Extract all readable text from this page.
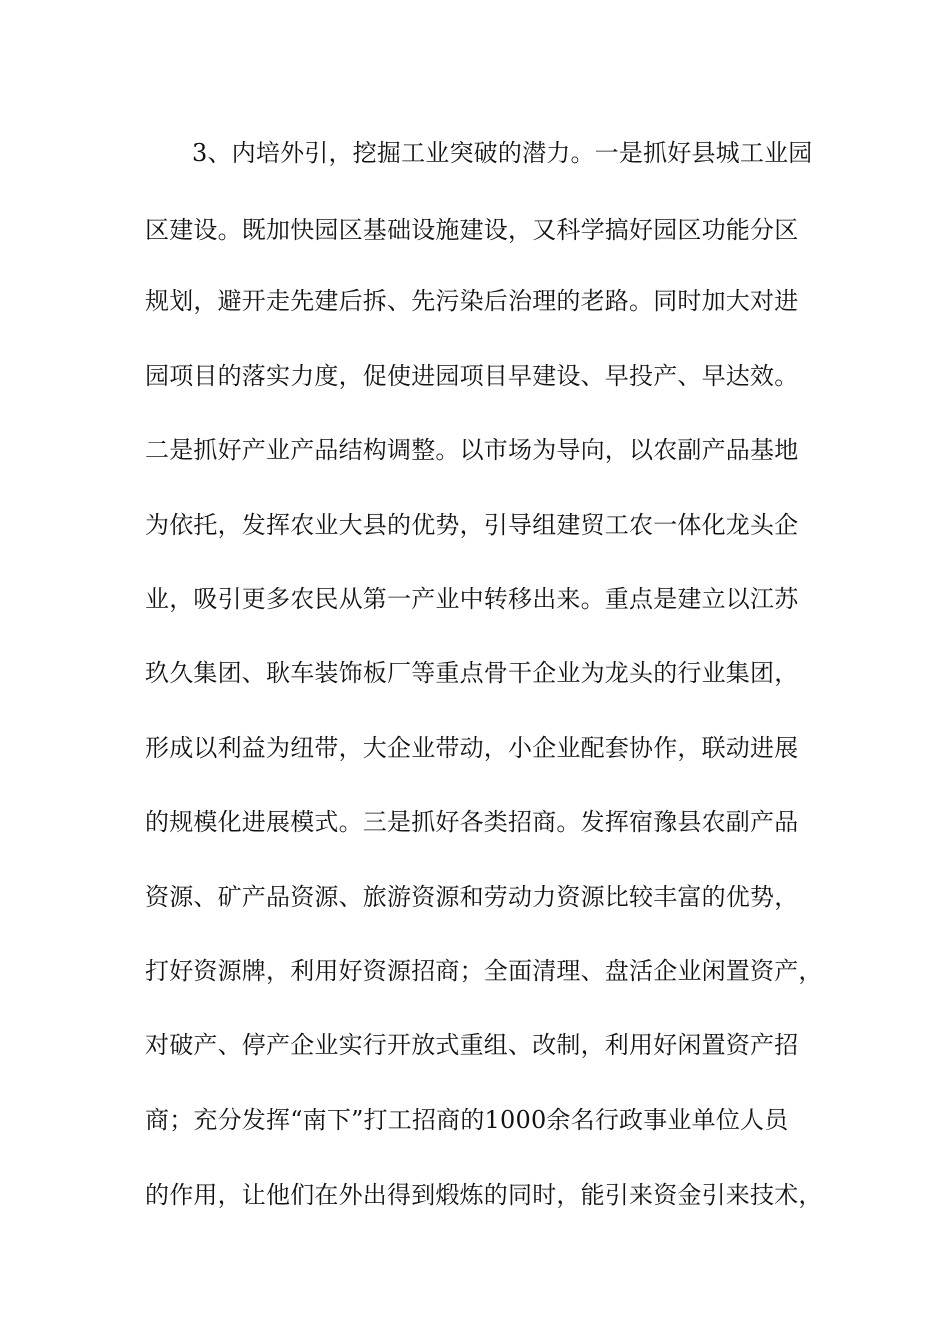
3、内培外引，挖掘工业突破的潜力。一是抓好县城工业园
区建设。既加快园区基础设施建设，又科学搞好园区功能分区
规划，避开走先建后拆、先污染后治理的老路。同时加大对进
园项目的落实力度，促使进园项目早建设、早投产、早达效。
二是抓好产业产品结构调整。以市场为导向，以农副产品基地
为依托，发挥农业大县的优势，引导组建贸工农一体化龙头企
业，吸引更多农民从第一产业中转移出来。重点是建立以江苏
玖久集团、耿车装饰板厂等重点骨干企业为龙头的行业集团，
形成以利益为纽带，大企业带动，小企业配套协作，联动进展
的规模化进展模式。三是抓好各类招商。发挥宿豫县农副产品
资源、矿产品资源、旅游资源和劳动力资源比较丰富的优势，
打好资源牌，利用好资源招商；全面清理、盘活企业闲置资产，
对破产、停产企业实行开放式重组、改制，利用好闲置资产招
商；充分发挥“南下”打工招商的1000余名行政事业单位人员
的作用，让他们在外出得到煅炼的同时，能引来资金引来技术，
